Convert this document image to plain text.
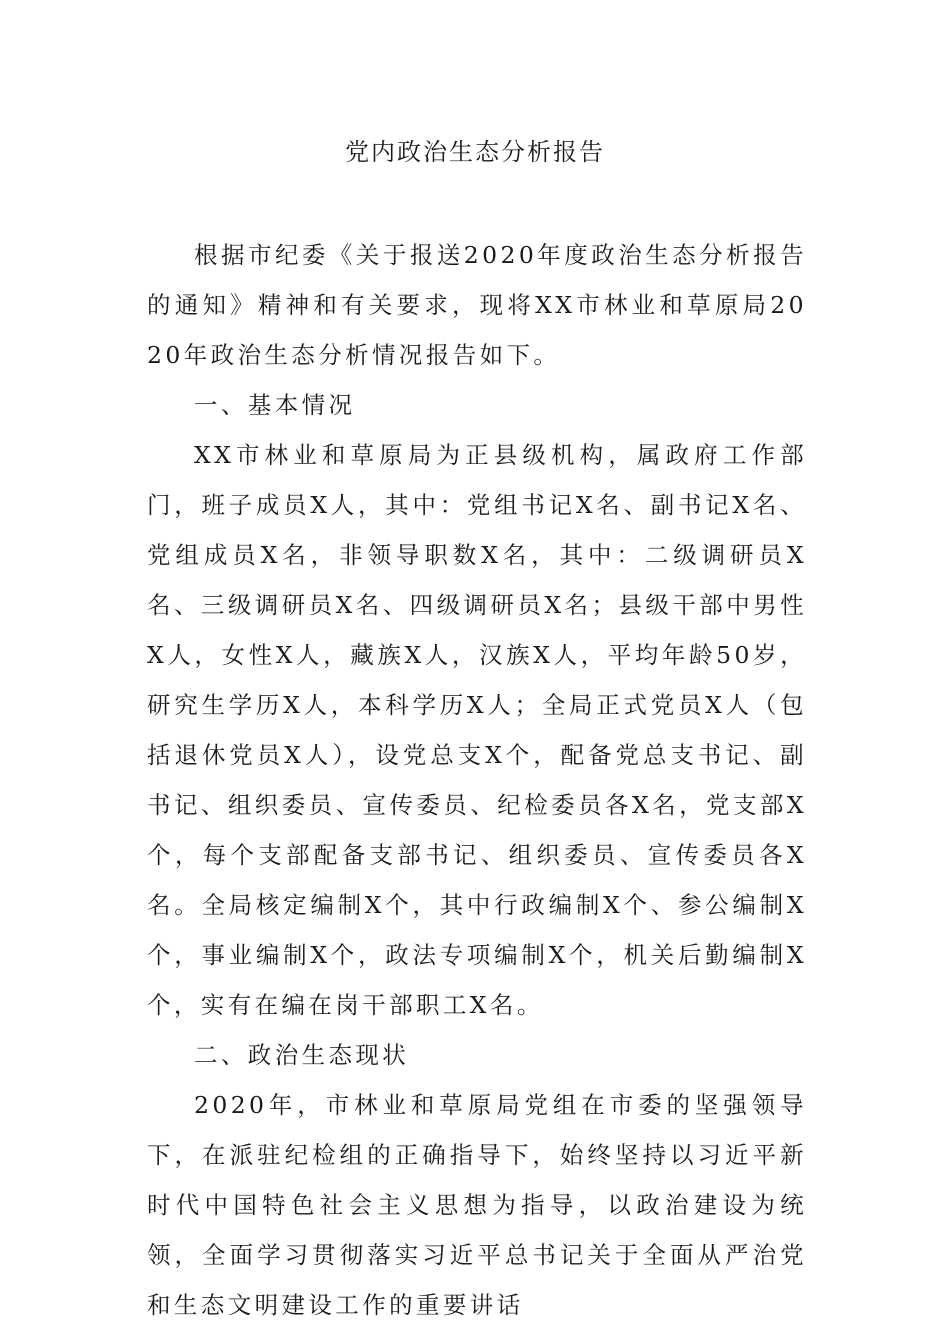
党内政治生态分析报告

根据市纪委《关于报送2020年度政治生态分析报告的通知》精神和有关要求，现将XX市林业和草原局2020年政治生态分析情况报告如下。

一、基本情况

XX市林业和草原局为正县级机构，属政府工作部门，班子成员X人，其中：党组书记X名、副书记X名、党组成员X名，非领导职数X名，其中：二级调研员X名、三级调研员X名、四级调研员X名；县级干部中男性X人，女性X人，藏族X人，汉族X人，平均年龄50岁，研究生学历X人，本科学历X人；全局正式党员X人（包括退休党员X人），设党总支X个，配备党总支书记、副书记、组织委员、宣传委员、纪检委员各X名，党支部X个，每个支部配备支部书记、组织委员、宣传委员各X名。全局核定编制X个，其中行政编制X个、参公编制X个，事业编制X个，政法专项编制X个，机关后勤编制X个，实有在编在岗干部职工X名。

二、政治生态现状

2020年，市林业和草原局党组在市委的坚强领导下，在派驻纪检组的正确指导下，始终坚持以习近平新时代中国特色社会主义思想为指导，以政治建设为统领，全面学习贯彻落实习近平总书记关于全面从严治党和生态文明建设工作的重要讲话
